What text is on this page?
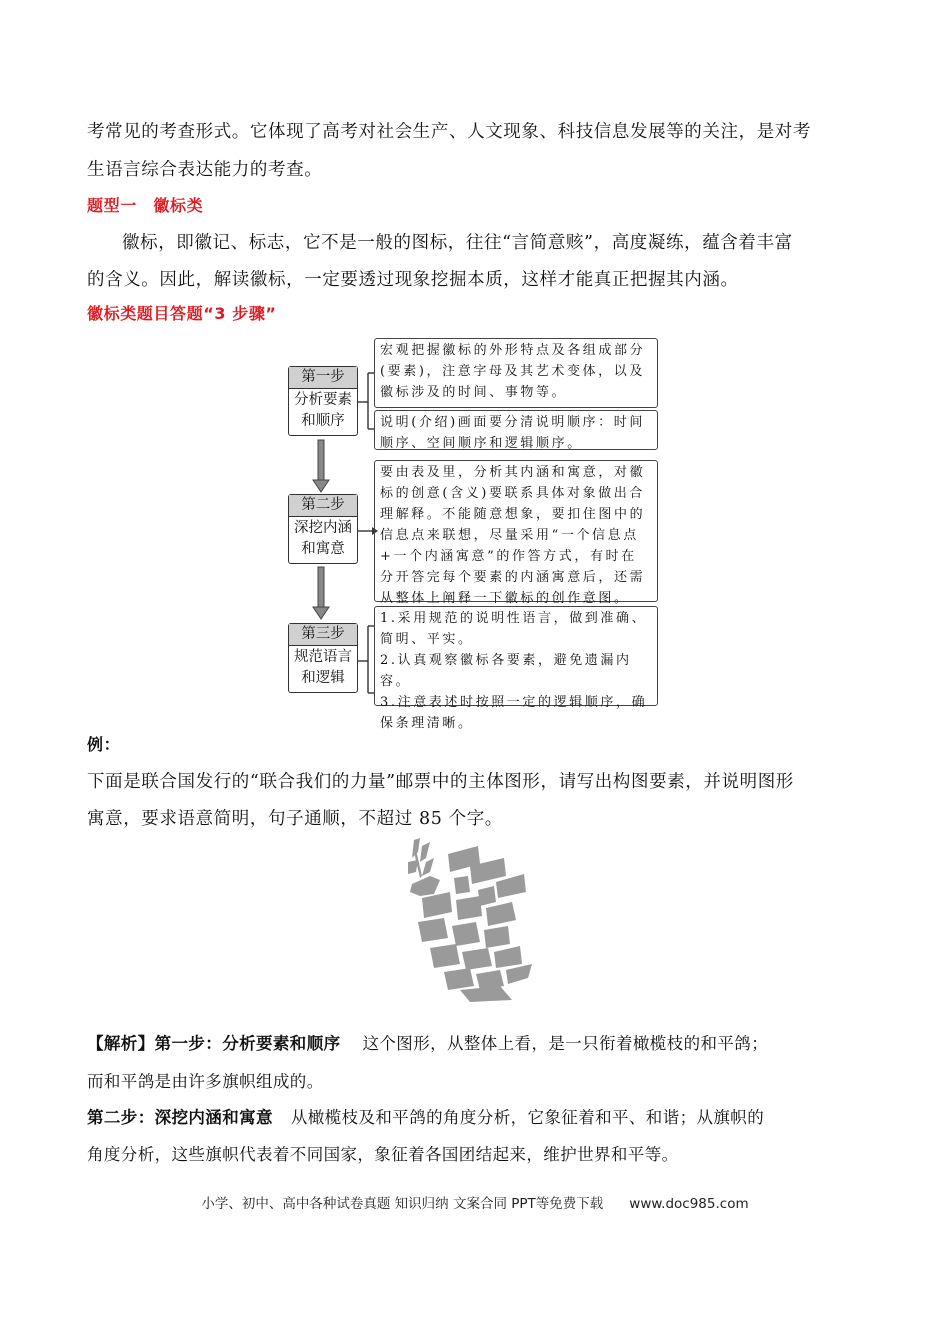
考常见的考查形式。它体现了高考对社会生产、人文现象、科技信息发展等的关注，是对考
生语言综合表达能力的考查。
题型一　徽标类
徽标，即徽记、标志，它不是一般的图标，往往“言简意赅”，高度凝练，蕴含着丰富
的含义。因此，解读徽标，一定要透过现象挖掘本质，这样才能真正把握其内涵。
徽标类题目答题“3 步骤”
第一步
分析要素
和顺序
第二步
深挖内涵
和寓意
第三步
规范语言
和逻辑
宏观把握徽标的外形特点及各组成部分(要素)，注意字母及其艺术变体，以及徽标涉及的时间、事物等。
说明(介绍)画面要分清说明顺序：时间顺序、空间顺序和逻辑顺序。
要由表及里，分析其内涵和寓意，对徽标的创意(含义)要联系具体对象做出合理解释。不能随意想象，要扣住图中的信息点来联想，尽量采用“一个信息点+一个内涵寓意”的作答方式，有时在分开答完每个要素的内涵寓意后，还需从整体上阐释一下徽标的创作意图。
1.采用规范的说明性语言，做到准确、简明、平实。
2.认真观察徽标各要素，避免遗漏内容。
3.注意表述时按照一定的逻辑顺序，确保条理清晰。
例：
下面是联合国发行的“联合我们的力量”邮票中的主体图形，请写出构图要素，并说明图形
寓意，要求语意简明，句子通顺，不超过 85 个字。
【解析】第一步：分析要素和顺序 这个图形，从整体上看，是一只衔着橄榄枝的和平鸽；
而和平鸽是由许多旗帜组成的。
第二步：深挖内涵和寓意 从橄榄枝及和平鸽的角度分析，它象征着和平、和谐；从旗帜的
角度分析，这些旗帜代表着不同国家，象征着各国团结起来，维护世界和平等。
小学、初中、高中各种试卷真题 知识归纳 文案合同 PPT等免费下载 www.doc985.com
